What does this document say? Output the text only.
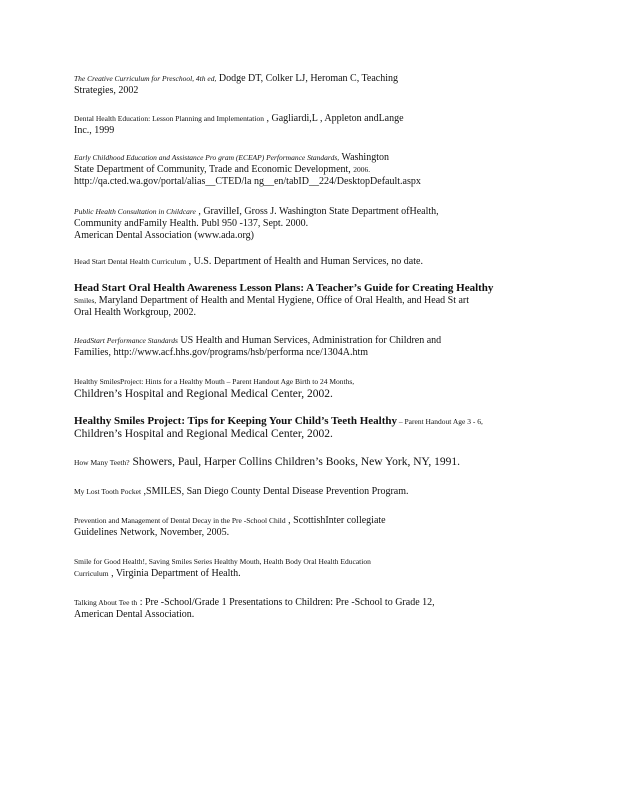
The Creative Curriculum for Preschool, 4th ed, Dodge DT, Colker LJ, Heroman C, Teaching
Strategies, 2002
Dental Health Education: Lesson Planning and Implementation , Gagliardi,L , Appleton andLange
Inc., 1999
Early Childhood Education and Assistance Pro gram (ECEAP) Performance Standards, Washington
State Department of Community, Trade and Economic Development, 2006.
http://qa.cted.wa.gov/portal/alias__CTED/la ng__en/tabID__224/DesktopDefault.aspx
Public Health Consultation in Childcare , GravilleI, Gross J. Washington State Department ofHealth,
Community andFamily Health. Publ 950 -137, Sept. 2000.
American Dental Association (www.ada.org)
Head Start Dental Health Curriculum , U.S. Department of Health and Human Services, no date.
Head Start Oral Health Awareness Lesson Plans: A Teacher’s Guide for Creating Healthy
Smiles, Maryland Department of Health and Mental Hygiene, Office of Oral Health, and Head St art
Oral Health Workgroup, 2002.
HeadStart Performance Standards US Health and Human Services, Administration for Children and
Families, http://www.acf.hhs.gov/programs/hsb/performa nce/1304A.htm
Healthy SmilesProject: Hints for a Healthy Mouth – Parent Handout Age Birth to 24 Months,
Children’s Hospital and Regional Medical Center, 2002.
Healthy Smiles Project: Tips for Keeping Your Child’s Teeth Healthy – Parent Handout Age 3 - 6,
Children’s Hospital and Regional Medical Center, 2002.
How Many Teeth? Showers, Paul, Harper Collins Children’s Books, New York, NY, 1991.
My Lost Tooth Pocket ,SMILES, San Diego County Dental Disease Prevention Program.
Prevention and Management of Dental Decay in the Pre -School Child , ScottishInter collegiate
Guidelines Network, November, 2005.
Smile for Good Health!, Saving Smiles Series Healthy Mouth, Health Body Oral Health Education
Curriculum , Virginia Department of Health.
Talking About Tee th : Pre -School/Grade 1 Presentations to Children: Pre -School to Grade 12,
American Dental Association.
